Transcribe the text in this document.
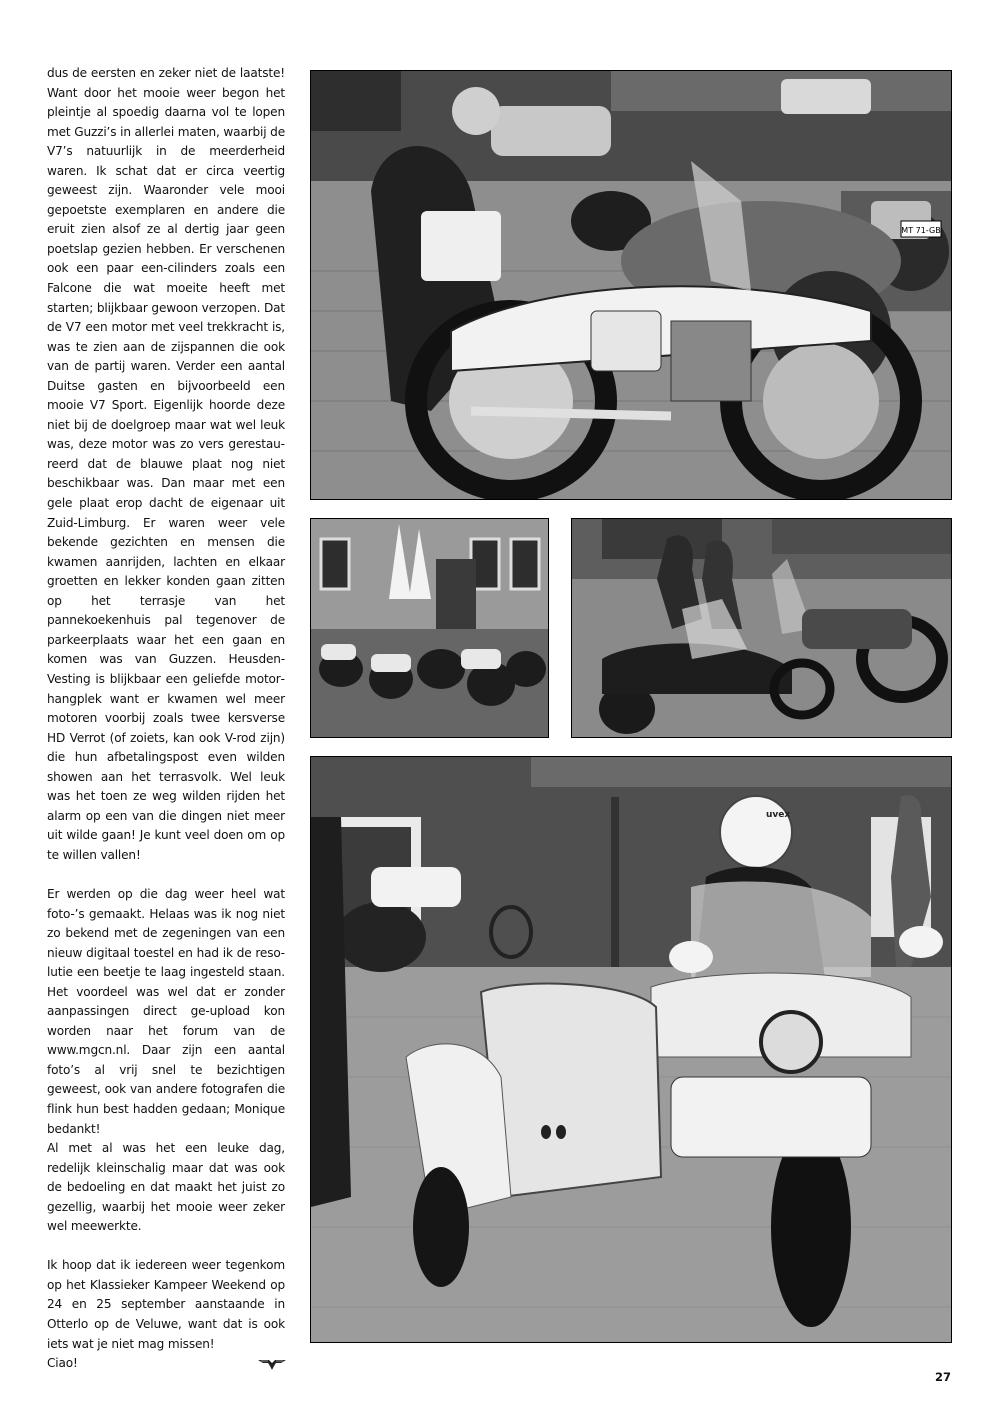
dus de eersten en zeker niet de laatste! Want door het mooie weer begon het pleintje al spoedig daarna vol te lopen met Guzzi’s in allerlei maten, waarbij de V7’s natuurlijk in de meerderheid waren. Ik schat dat er circa veertig geweest zijn. Waaronder vele mooi gepoetste exemplaren en andere die eruit zien alsof ze al dertig jaar geen poetslap gezien hebben. Er verschenen ook een paar een-cilinders zoals een Falcone die wat moeite heeft met starten; blijkbaar gewoon verzopen. Dat de V7 een motor met veel trekkracht is, was te zien aan de zijspannen die ook van de partij waren. Verder een aantal Duitse gasten en bijvoorbeeld een mooie V7 Sport. Eigenlijk hoorde deze niet bij de doelgroep maar wat wel leuk was, deze motor was zo vers gerestaureerd dat de blauwe plaat nog niet beschikbaar was. Dan maar met een gele plaat erop dacht de eigenaar uit Zuid-Limburg. Er waren weer vele bekende gezichten en mensen die kwamen aanrijden, lachten en elkaar groetten en lekker konden gaan zitten op het terrasje van het pannekoekenhuis pal tegenover de parkeerplaats waar het een gaan en komen was van Guzzen. Heusden-Vesting is blijkbaar een geliefde motorhangplek want er kwamen wel meer motoren voorbij zoals twee kersverse HD Verrot (of zoiets, kan ook V-rod zijn) die hun afbetalingspost even wilden showen aan het terrasvolk. Wel leuk was het toen ze weg wilden rijden het alarm op een van die dingen niet meer uit wilde gaan! Je kunt veel doen om op te willen vallen!

Er werden op die dag weer heel wat foto-’s gemaakt. Helaas was ik nog niet zo bekend met de zegeningen van een nieuw digitaal toestel en had ik de resolutie een beetje te laag ingesteld staan. Het voordeel was wel dat er zonder aanpassingen direct ge-upload kon worden naar het forum van de www.mgcn.nl. Daar zijn een aantal foto’s al vrij snel te bezichtigen geweest, ook van andere fotografen die flink hun best hadden gedaan; Monique bedankt!

Al met al was het een leuke dag, redelijk kleinschalig maar dat was ook de bedoeling en dat maakt het juist zo gezellig, waarbij het mooie weer zeker wel meewerkte.

Ik hoop dat ik iedereen weer tegenkom op het Klassieker Kampeer Weekend op 24 en 25 september aanstaande in Otterlo op de Veluwe, want dat is ook iets wat je niet mag missen!

Ciao!
MT 71-GB
uvex
27
